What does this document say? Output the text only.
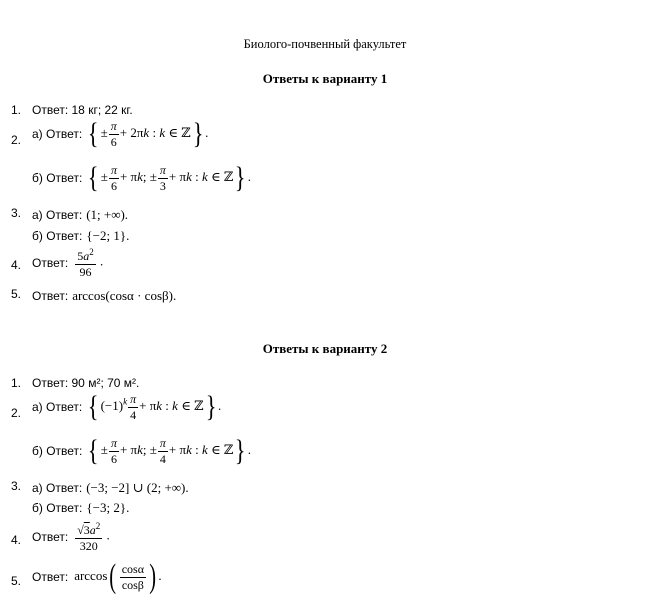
Биолого-почвенный факультет
Ответы к варианту 1
1. Ответ: 18 кг; 22 кг.
2. а) Ответ: { ± $\frac{\pi}{6} + 2\pi k$ : k ∈ ℤ} .
б) Ответ: { ± $\frac{\pi}{6} + \pi k$; ± $\frac{\pi}{3} + \pi k$ : k ∈ ℤ} .
3. а) Ответ: (1; +∞).
б) Ответ: {−2; 1}.
4. Ответ: $\frac{5a^2}{96}$ .
5. Ответ: arccos(cosα · cosβ).
Ответы к варианту 2
1. Ответ: 90 м²; 70 м².
2. а) Ответ: { $(-1)^k \frac{\pi}{4} + \pi k$ : k ∈ ℤ} .
б) Ответ: { ± $\frac{\pi}{6} + \pi k$; ± $\frac{\pi}{4} + \pi k$ : k ∈ ℤ} .
3. а) Ответ: (−3; −2] ∪ (2; +∞).
б) Ответ: {−3; 2}.
4. Ответ: $\frac{√3a^2}{320}$ .
5. Ответ: $\arccos( \frac{\cos\alpha}{\cos\beta}$ ) .
